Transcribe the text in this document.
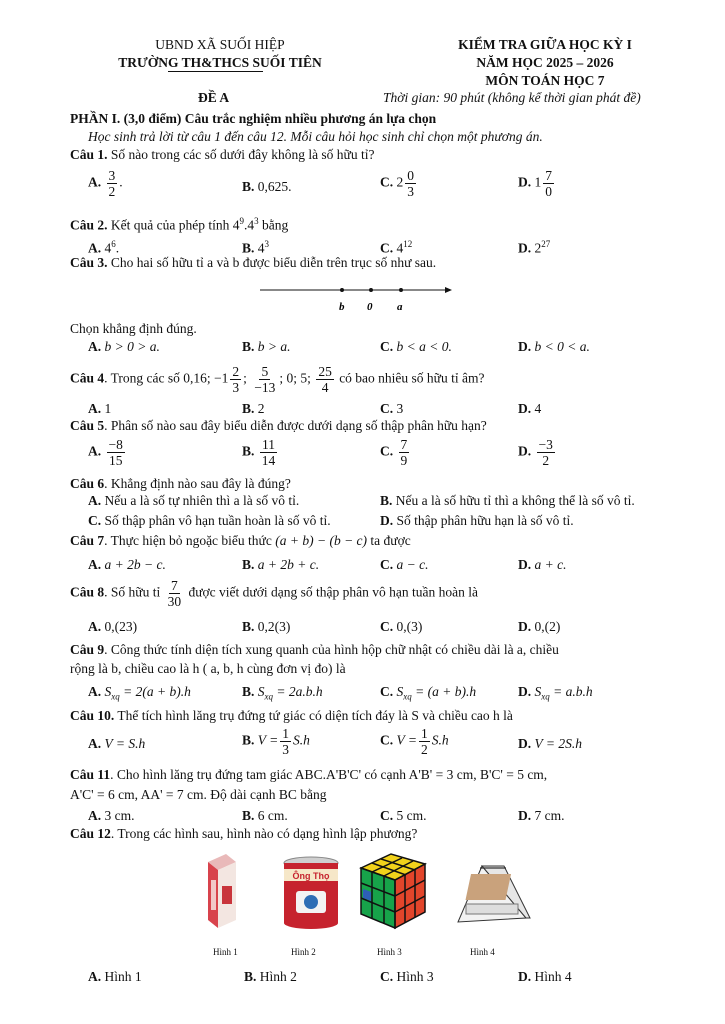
UBND XÃ SUỐI HIỆP
TRƯỜNG TH&THCS SUỐI TIÊN
KIỂM TRA GIỮA HỌC KỲ I
NĂM HỌC 2025 – 2026
MÔN TOÁN HỌC 7
ĐỀ A	Thời gian: 90 phút (không kể thời gian phát đề)
PHẦN I. (3,0 điểm) Câu trắc nghiệm nhiều phương án lựa chọn
Học sinh trả lời từ câu 1 đến câu 12. Mỗi câu hỏi học sinh chỉ chọn một phương án.
Câu 1. Số nào trong các số dưới đây không là số hữu tỉ?
A. $\frac{3}{2}$ .	B. 0,625.	C. $2 \frac{0}{3}$	D. $1 \frac{7}{0}$
Câu 2. Kết quả của phép tính $4^9.4^3$ bằng
A. $4^6$.	B. $4^3$	C. $4^{12}$	D. $2^{27}$
Câu 3. Cho hai số hữu tỉ a và b được biểu diễn trên trục số như sau.
b 0 a
Chọn khẳng định đúng.
A. b > 0 > a.	B. b > a.	C. b < a < 0.	D. b < 0 < a.
Câu 4. Trong các số 0,16; $-1 \frac{2}{3}$ ; $\frac{5}{-13}$ ; 0; 5; $\frac{25}{4}$ có bao nhiêu số hữu tỉ âm?
A. 1	B. 2	C. 3	D. 4
Câu 5. Phân số nào sau đây biểu diễn được dưới dạng số thập phân hữu hạn?
A. $\frac{-8}{15}$	B. $\frac{11}{14}$	C. $\frac{7}{9}$	D. $\frac{-3}{2}$
Câu 6. Khẳng định nào sau đây là đúng?
A. Nếu a là số tự nhiên thì a là số vô tỉ.	B. Nếu a là số hữu tỉ thì a không thể là số vô tỉ.
C. Số thập phân vô hạn tuần hoàn là số vô tỉ.	D. Số thập phân hữu hạn là số vô tỉ.
Câu 7. Thực hiện bỏ ngoặc biểu thức (a + b) − (b − c) ta được
A. a + 2b − c.	B. a + 2b + c.	C. a − c.	D. a + c.
Câu 8. Số hữu tỉ $\frac{7}{30}$ được viết dưới dạng số thập phân vô hạn tuần hoàn là
A. 0,(23)	B. 0,2(3)	C. 0,(3)	D. 0,(2)
Câu 9. Công thức tính diện tích xung quanh của hình hộp chữ nhật có chiều dài là a, chiều
rộng là b, chiều cao là h ( a, b, h cùng đơn vị đo) là
A. $S_{xq} = 2(a + b).h$	B. $S_{xq} = 2a.b.h$	C. $S_{xq} = (a + b).h$	D. $S_{xq} = a.b.h$
Câu 10. Thể tích hình lăng trụ đứng tứ giác có diện tích đáy là S và chiều cao h là
A. V = S.h	B. $V = \frac{1}{3} S.h$	C. $V = \frac{1}{2} S.h$	D. V = 2S.h
Câu 11. Cho hình lăng trụ đứng tam giác ABC.A'B'C' có cạnh A'B' = 3 cm, B'C' = 5 cm,
A'C' = 6 cm, AA' = 7 cm. Độ dài cạnh BC bằng
A. 3 cm.	B. 6 cm.	C. 5 cm.	D. 7 cm.
Câu 12. Trong các hình sau, hình nào có dạng hình lập phương?
Hình 1
Ông Thọ
Hình 2	Hình 3	Hình 4
A. Hình 1	B. Hình 2	C. Hình 3	D. Hình 4
